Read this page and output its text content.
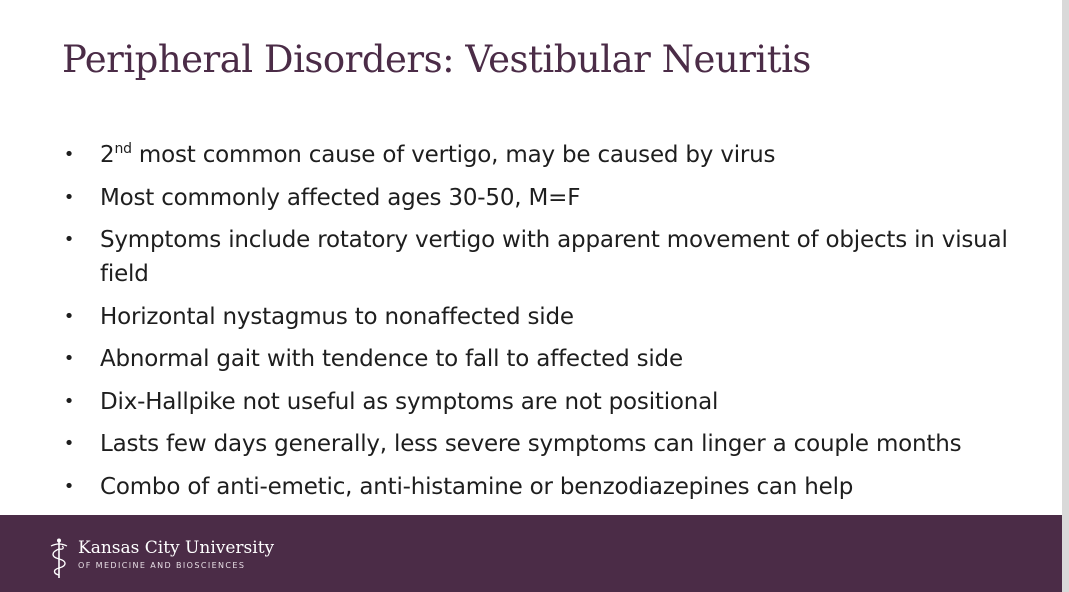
Peripheral Disorders: Vestibular Neuritis
• 2nd most common cause of vertigo, may be caused by virus
• Most commonly affected ages 30-50, M=F
• Symptoms include rotatory vertigo with apparent movement of objects in visual field
• Horizontal nystagmus to nonaffected side
• Abnormal gait with tendence to fall to affected side
• Dix-Hallpike not useful as symptoms are not positional
• Lasts few days generally, less severe symptoms can linger a couple months
• Combo of anti-emetic, anti-histamine or benzodiazepines can help
Kansas City University
OF MEDICINE AND BIOSCIENCES
